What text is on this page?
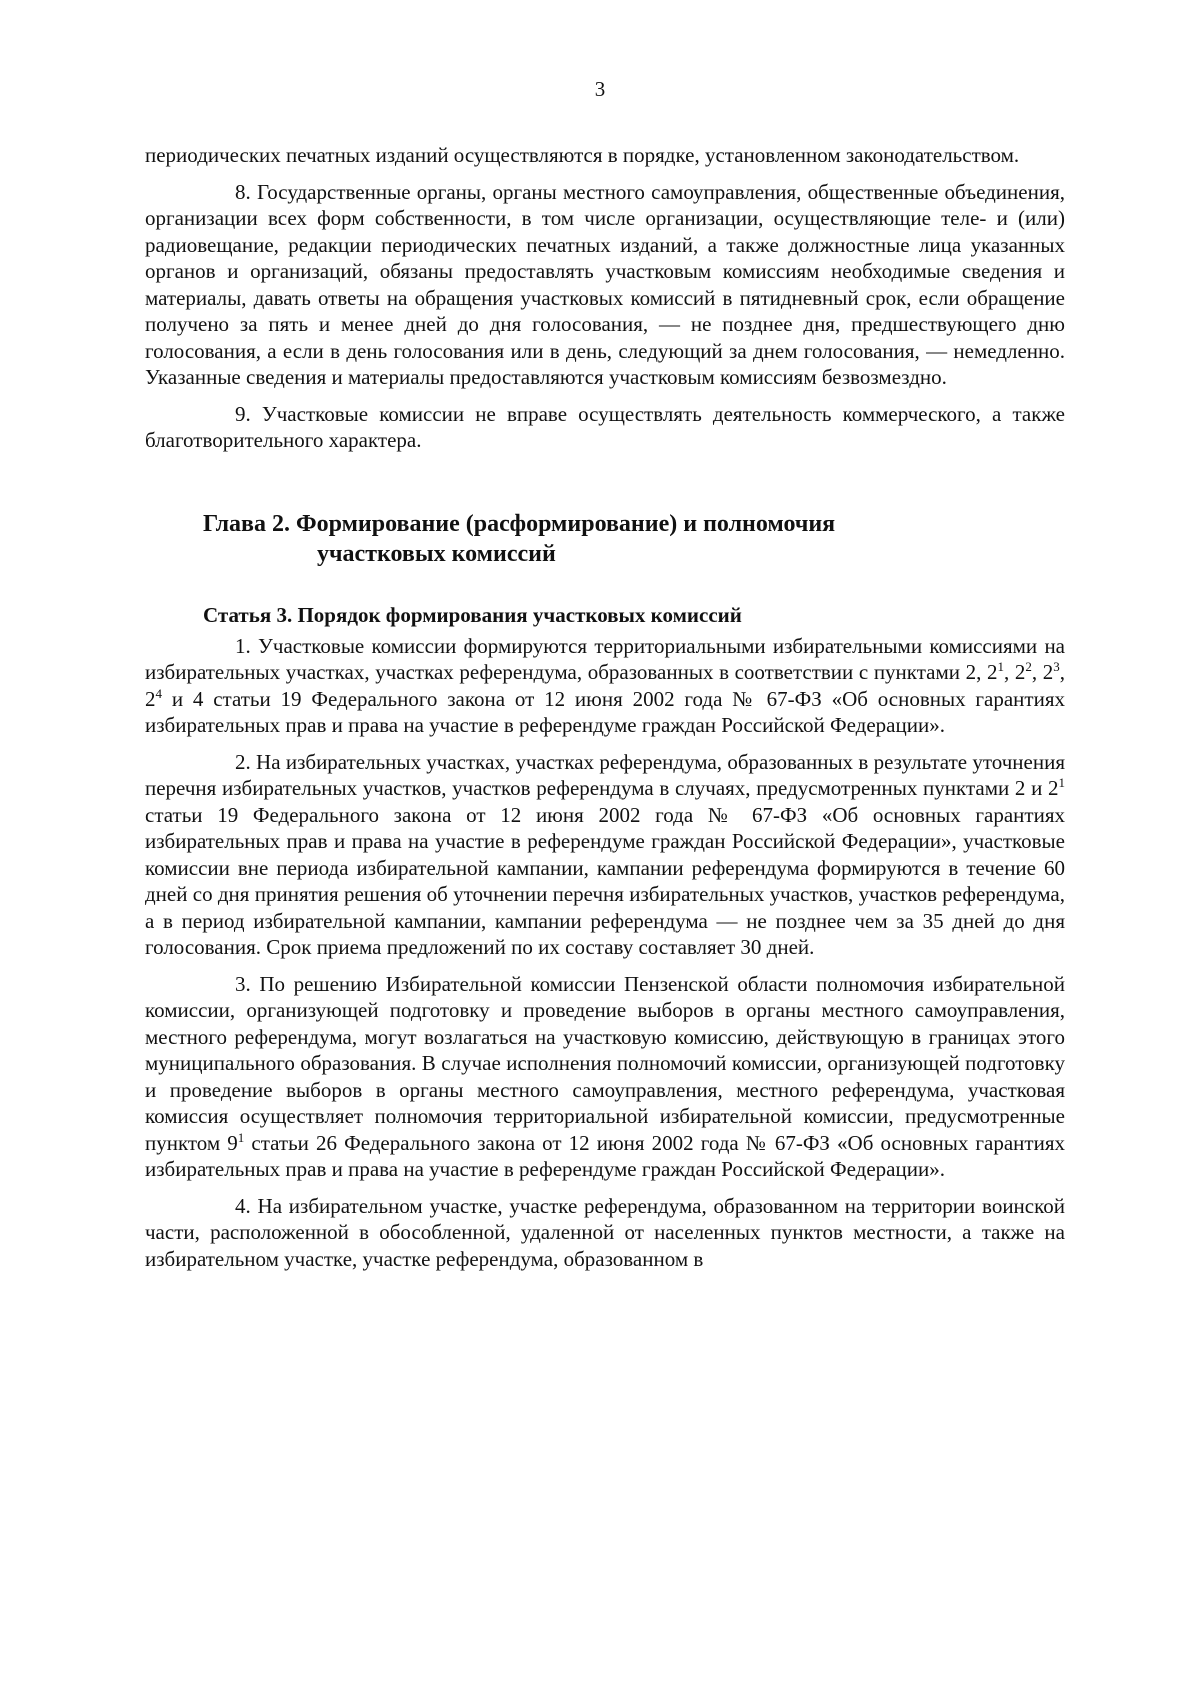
3

периодических печатных изданий осуществляются в порядке, установленном законодательством.

8. Государственные органы, органы местного самоуправления, общественные объединения, организации всех форм собственности, в том числе организации, осуществляющие теле- и (или) радиовещание, редакции периодических печатных изданий, а также должностные лица указанных органов и организаций, обязаны предоставлять участковым комиссиям необходимые сведения и материалы, давать ответы на обращения участковых комиссий в пятидневный срок, если обращение получено за пять и менее дней до дня голосования, — не позднее дня, предшествующего дню голосования, а если в день голосования или в день, следующий за днем голосования, — немедленно. Указанные сведения и материалы предоставляются участковым комиссиям безвозмездно.

9. Участковые комиссии не вправе осуществлять деятельность коммерческого, а также благотворительного характера.

Глава 2. Формирование (расформирование) и полномочия
участковых комиссий
Статья 3. Порядок формирования участковых комиссий

1. Участковые комиссии формируются территориальными избирательными комиссиями на избирательных участках, участках референдума, образованных в соответствии с пунктами 2, $2^1$, $2^2$, $2^3$, $2^4$ и 4 статьи 19 Федерального закона от 12 июня 2002 года № 67-ФЗ «Об основных гарантиях избирательных прав и права на участие в референдуме граждан Российской Федерации».

2. На избирательных участках, участках референдума, образованных в результате уточнения перечня избирательных участков, участков референдума в случаях, предусмотренных пунктами 2 и $2^1$ статьи 19 Федерального закона от 12 июня 2002 года № 67-ФЗ «Об основных гарантиях избирательных прав и права на участие в референдуме граждан Российской Федерации», участковые комиссии вне периода избирательной кампании, кампании референдума формируются в течение 60 дней со дня принятия решения об уточнении перечня избирательных участков, участков референдума, а в период избирательной кампании, кампании референдума — не позднее чем за 35 дней до дня голосования. Срок приема предложений по их составу составляет 30 дней.

3. По решению Избирательной комиссии Пензенской области полномочия избирательной комиссии, организующей подготовку и проведение выборов в органы местного самоуправления, местного референдума, могут возлагаться на участковую комиссию, действующую в границах этого муниципального образования. В случае исполнения полномочий комиссии, организующей подготовку и проведение выборов в органы местного самоуправления, местного референдума, участковая комиссия осуществляет полномочия территориальной избирательной комиссии, предусмотренные пунктом $9^1$ статьи 26 Федерального закона от 12 июня 2002 года № 67-ФЗ «Об основных гарантиях избирательных прав и права на участие в референдуме граждан Российской Федерации».

4. На избирательном участке, участке референдума, образованном на территории воинской части, расположенной в обособленной, удаленной от населенных пунктов местности, а также на избирательном участке, участке референдума, образованном в
